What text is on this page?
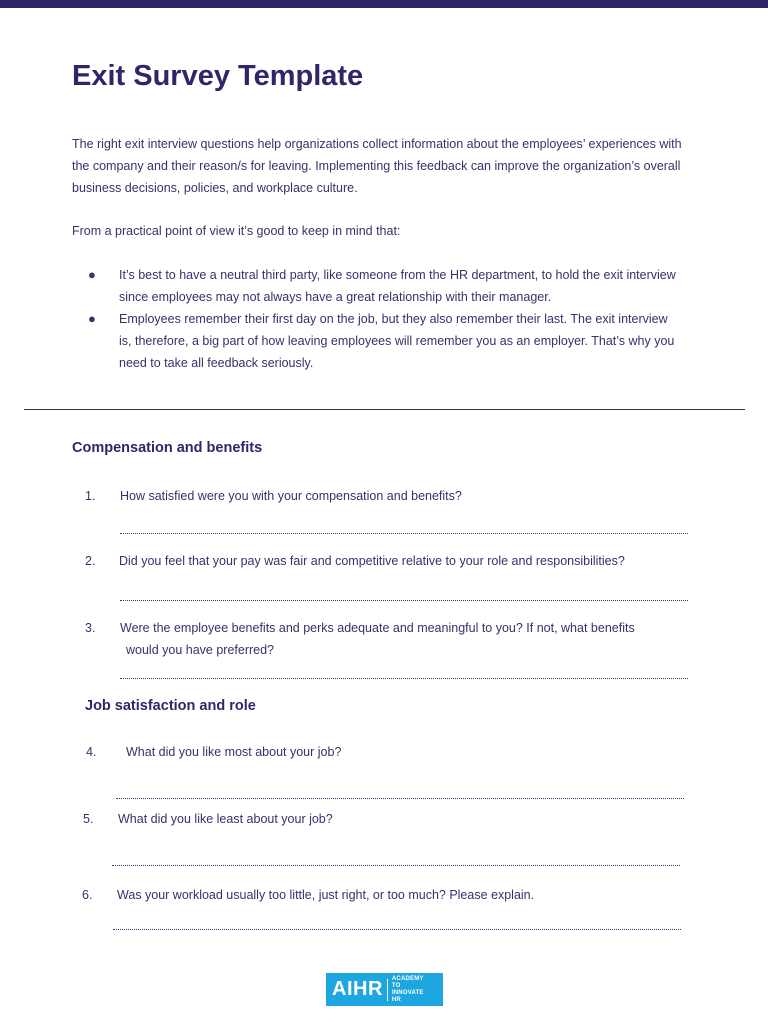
Exit Survey Template

The right exit interview questions help organizations collect information about the employees’ experiences with the company and their reason/s for leaving. Implementing this feedback can improve the organization’s overall business decisions, policies, and workplace culture.

From a practical point of view it’s good to keep in mind that:

● It’s best to have a neutral third party, like someone from the HR department, to hold the exit interview since employees may not always have a great relationship with their manager.
● Employees remember their first day on the job, but they also remember their last. The exit interview is, therefore, a big part of how leaving employees will remember you as an employer. That’s why you need to take all feedback seriously.
Compensation and benefits
1. How satisfied were you with your compensation and benefits?
2. Did you feel that your pay was fair and competitive relative to your role and responsibilities?
3. Were the employee benefits and perks adequate and meaningful to you? If not, what benefits
would you have preferred?
Job satisfaction and role
4. What did you like most about your job?
5. What did you like least about your job?
6. Was your workload usually too little, just right, or too much? Please explain.
AIHR ACADEMY TO INNOVATE HR
